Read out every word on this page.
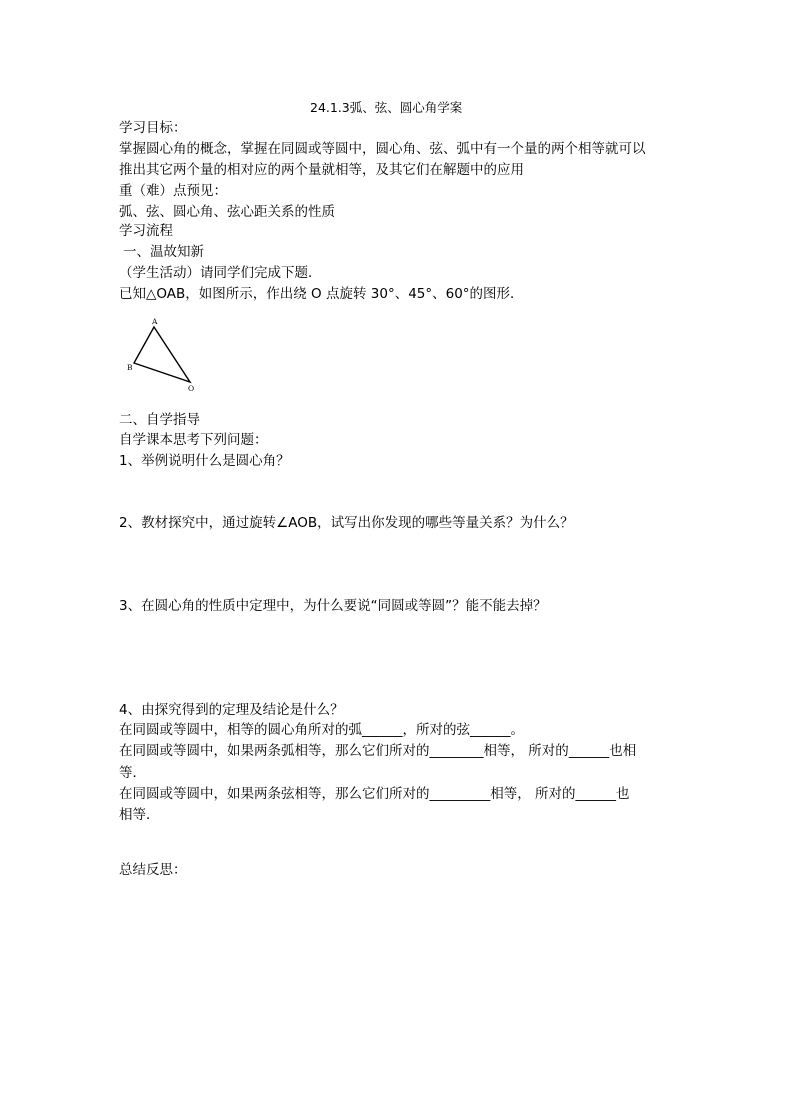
24.1.3弧、弦、圆心角学案
学习目标：
掌握圆心角的概念，掌握在同圆或等圆中，圆心角、弦、弧中有一个量的两个相等就可以
推出其它两个量的相对应的两个量就相等，及其它们在解题中的应用
重（难）点预见：
弧、弦、圆心角、弦心距关系的性质
学习流程
一、温故知新
（学生活动）请同学们完成下题．
已知△OAB，如图所示，作出绕 O 点旋转 30°、45°、60°的图形．
A
B
O
二、自学指导
自学课本思考下列问题：
1、举例说明什么是圆心角？
2、教材探究中，通过旋转∠AOB，试写出你发现的哪些等量关系？为什么？
3、在圆心角的性质中定理中，为什么要说“同圆或等圆”？能不能去掉？
4、由探究得到的定理及结论是什么？
在同圆或等圆中，相等的圆心角所对的弧______，所对的弦______。
在同圆或等圆中，如果两条弧相等，那么它们所对的________相等， 所对的______也相
等．
在同圆或等圆中，如果两条弦相等，那么它们所对的_________相等， 所对的______也
相等．
总结反思：
